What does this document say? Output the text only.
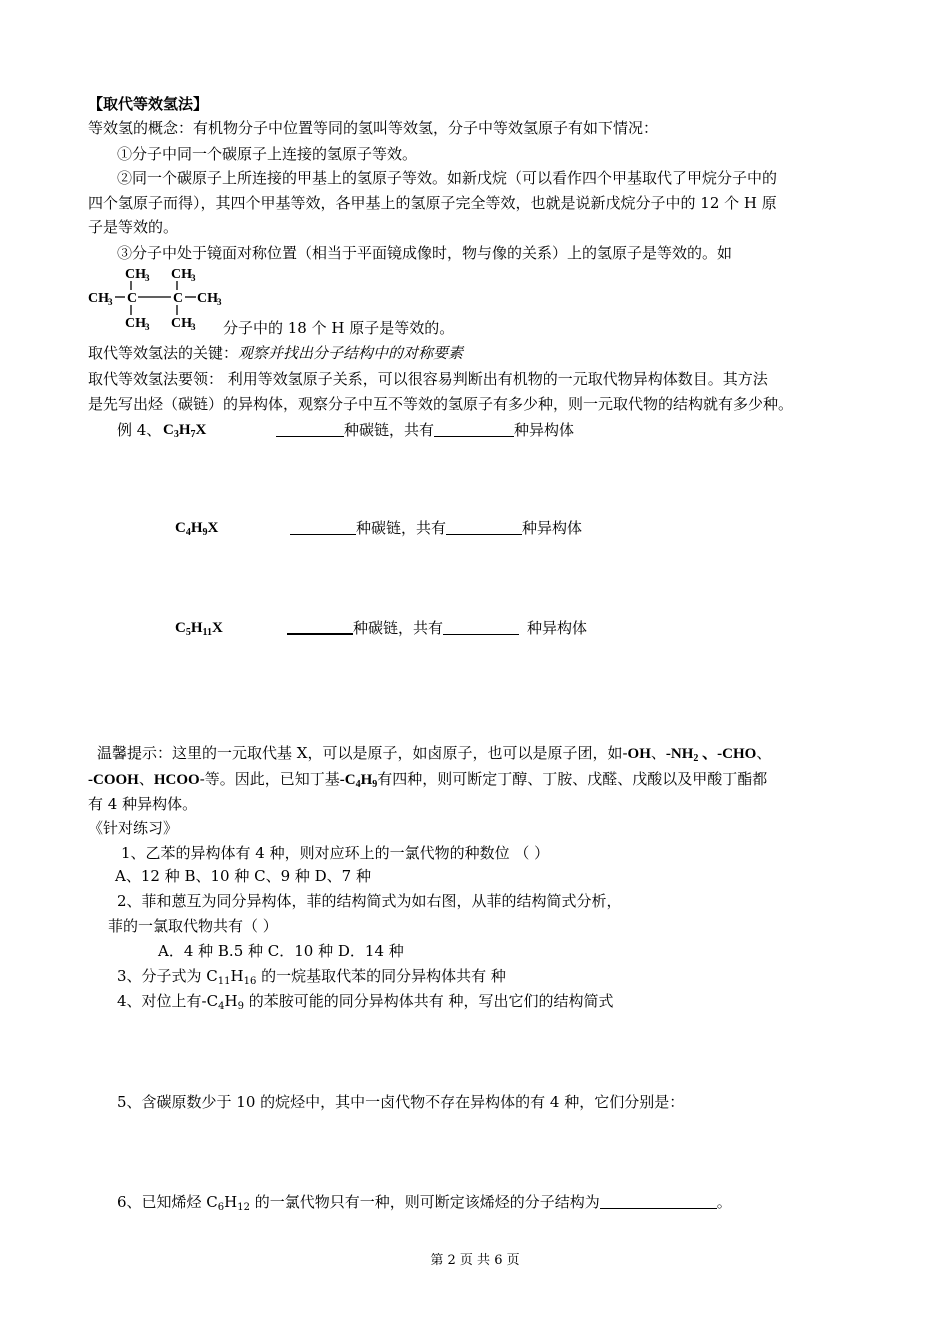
【取代等效氢法】
等效氢的概念：有机物分子中位置等同的氢叫等效氢，分子中等效氢原子有如下情况：
①分子中同一个碳原子上连接的氢原子等效。
②同一个碳原子上所连接的甲基上的氢原子等效。如新戊烷（可以看作四个甲基取代了甲烷分子中的
四个氢原子而得），其四个甲基等效，各甲基上的氢原子完全等效，也就是说新戊烷分子中的 12 个 H 原
子是等效的。
③分子中处于镜面对称位置（相当于平面镜成像时，物与像的关系）上的氢原子是等效的。如
CH 3 CH 3
CH 3 C	C CH 3
CH 3 CH 3 分子中的 18 个 H 原子是等效的。
取代等效氢法的关键：观察并找出分子结构中的对称要素
取代等效氢法要领： 利用等效氢原子关系，可以很容易判断出有机物的一元取代物异构体数目。其方法
是先写出烃（碳链）的异构体，观察分子中互不等效的氢原子有多少种，则一元取代物的结构就有多少种。
例 4、 $C_3H_7X$	种碳链，共有	种异构体
$C_4H_9X$	种碳链，共有	种异构体
$C_5H_{11}X$	种碳链，共有	种异构体
温馨提示：这里的一元取代基 X，可以是原子，如卤原子，也可以是原子团，如-OH、$-NH_2$ 、-CHO、
-COOH、HCOO-等。因此，已知丁基$-C_4H_9$有四种，则可断定丁醇、丁胺、戊醛、戊酸以及甲酸丁酯都
有 4 种异构体。
《针对练习》
1、乙苯的异构体有 4 种，则对应环上的一氯代物的种数位 （ ）
A、12 种 B、10 种 C、9 种 D、7 种
2、菲和蒽互为同分异构体，菲的结构简式为如右图，从菲的结构简式分析，
菲的一氯取代物共有（ ）
A．4 种 B.5 种 C．10 种 D．14 种
3、分子式为 $C_{11}H_{16}$ 的一烷基取代苯的同分异构体共有 种
4、对位上有$-C_4H_9$ 的苯胺可能的同分异构体共有 种，写出它们的结构简式
5、含碳原数少于 10 的烷烃中，其中一卤代物不存在异构体的有 4 种，它们分别是：
6、已知烯烃 $C_6H_{12}$ 的一氯代物只有一种，则可断定该烯烃的分子结构为	。
第 2 页 共 6 页
